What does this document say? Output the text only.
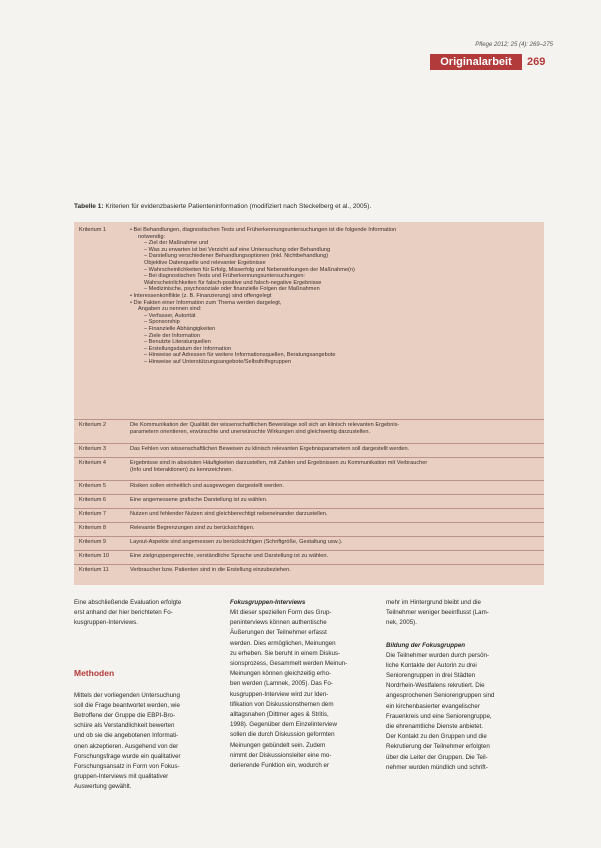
Pflege 2012; 25 (4): 269–275
Originalarbeit	269
Tabelle 1: Kriterien für evidenzbasierte Patienteninformation (modifiziert nach Steckelberg et al., 2005).
Kriterium 1	• Bei Behandlungen, diagnostischen Tests und Früherkennungsuntersuchungen ist die folgende Information
notwendig:
– Ziel der Maßnahme und
– Was zu erwarten ist bei Verzicht auf eine Untersuchung oder Behandlung
– Darstellung verschiedener Behandlungsoptionen (inkl. Nichtbehandlung)
Objektive Datenquelle und relevanter Ergebnisse
– Wahrscheinlichkeiten für Erfolg, Misserfolg und Nebenwirkungen der Maßnahme(n)
– Bei diagnostischen Tests und Früherkennungsuntersuchungen:
Wahrscheinlichkeiten für falsch-positive und falsch-negative Ergebnisse
– Medizinische, psychosoziale oder finanzielle Folgen der Maßnahmen
• Interessenkonflikte (z. B. Finanzierung) sind offengelegt
• Die Fakten einer Information zum Thema werden dargelegt,
Angaben zu nennen sind:
– Verfasser, Autorität
– Sponsorship
– Finanzielle Abhängigkeiten
– Ziele der Information
– Benutzte Literaturquellen
– Erstellungsdatum der Information
– Hinweise auf Adressen für weitere Informationsquellen, Beratungsangebote
– Hinweise auf Unterstützungsangebote/Selbsthilfegruppen
Kriterium 2	Die Kommunikation der Qualität der wissenschaftlichen Beweislage soll sich an klinisch relevanten Ergebnis-
parametern orientieren, erwünschte und unerwünschte Wirkungen sind gleichwertig darzustellen.
Kriterium 3	Das Fehlen von wissenschaftlichen Beweisen zu klinisch relevanten Ergebnisparametern soll dargestellt werden.
Kriterium 4	Ergebnisse sind in absoluten Häufigkeiten darzustellen, mit Zahlen und Ergebnissen zu Kommunikation mit Verbraucher
(Info und Interaktionen) zu kennzeichnen.
Kriterium 5	Risiken sollen einheitlich und ausgewogen dargestellt werden.
Kriterium 6	Eine angemessene grafische Darstellung ist zu wählen.
Kriterium 7	Nutzen und fehlender Nutzen sind gleichberechtigt nebeneinander darzustellen.
Kriterium 8	Relevante Begrenzungen sind zu berücksichtigen.
Kriterium 9	Layout-Aspekte sind angemessen zu berücksichtigen (Schriftgröße, Gestaltung usw.).
Kriterium 10	Eine zielgruppengerechte, verständliche Sprache und Darstellung ist zu wählen.
Kriterium 11	Verbraucher bzw. Patienten sind in die Erstellung einzubeziehen.

Eine abschließende Evaluation erfolgte

erst anhand der hier berichteten Fo-

kusgruppen-Interviews.

Methoden

Mittels der vorliegenden Untersuchung

soll die Frage beantwortet werden, wie

Betroffene der Gruppe die EBPI-Bro-

schüre als Verstandlichkeit bewerten

und ob sie die angebotenen Informati-

onen akzeptieren. Ausgehend von der

Forschungsfrage wurde ein qualitativer

Forschungsansatz in Form von Fokus-

gruppen-Interviews mit qualitativer

Auswertung gewählt.

Fokusgruppen-Interviews

Mit dieser speziellen Form des Grup-

peninterviews können authentische

Äußerungen der Teilnehmer erfasst

werden. Dies ermöglichen, Meinungen

zu erheben. Sie beruht in einem Diskus-

sionsprozess, Gesammelt werden Meinun-

Meinungen können gleichzeitig erho-

ben werden (Lamnek, 2005). Das Fo-

kusgruppen-Interview wird zur Iden-

tifikation von Diskussionsthemen dem

alltagsnahen (Dittmer ages & Stritis,

1998). Gegenüber dem Einzelinterview

sollen die durch Diskussion geformten

Meinungen gebündelt sein. Zudem

nimmt der Diskussionsleiter eine mo-

derierende Funktion ein, wodurch er

mehr im Hintergrund bleibt und die

Teilnehmer weniger beeinflusst (Lam-

nek, 2005).

Bildung der Fokusgruppen

Die Teilnehmer wurden durch persön-

liche Kontakte der Autorin zu drei

Seniorengruppen in drei Städten

Nordrhein-Westfalens rekrutiert. Die

angesprochenen Seniorengruppen sind

ein kirchenbasierter evangelischer

Frauenkreis und eine Seniorengruppe,

die ehrenamtliche Dienste anbietet.

Der Kontakt zu den Gruppen und die

Rekrutierung der Teilnehmer erfolgten

über die Leiter der Gruppen. Die Teil-

nehmer wurden mündlich und schrift-
